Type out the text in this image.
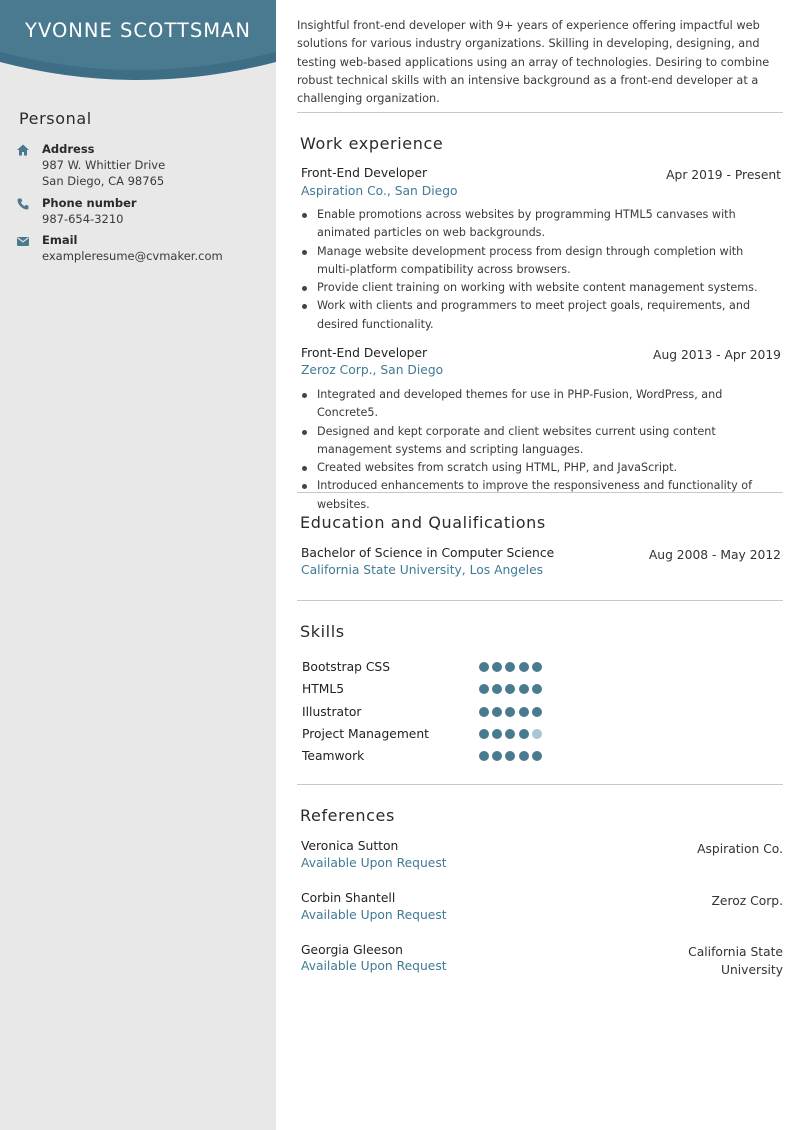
YVONNE SCOTTSMAN
Personal
Address
987 W. Whittier Drive
San Diego, CA 98765
Phone number
987-654-3210
Email
exampleresume@cvmaker.com
Insightful front-end developer with 9+ years of experience offering impactful web solutions for various industry organizations. Skilling in developing, designing, and testing web-based applications using an array of technologies. Desiring to combine robust technical skills with an intensive background as a front-end developer at a challenging organization.
Work experience
Front-End Developer	Apr 2019 - Present
Aspiration Co., San Diego
Enable promotions across websites by programming HTML5 canvases with animated particles on web backgrounds.
Manage website development process from design through completion with multi-platform compatibility across browsers.
Provide client training on working with website content management systems.
Work with clients and programmers to meet project goals, requirements, and desired functionality.
Front-End Developer	Aug 2013 - Apr 2019
Zeroz Corp., San Diego
Integrated and developed themes for use in PHP-Fusion, WordPress, and Concrete5.
Designed and kept corporate and client websites current using content management systems and scripting languages.
Created websites from scratch using HTML, PHP, and JavaScript.
Introduced enhancements to improve the responsiveness and functionality of websites.
Education and Qualifications
Bachelor of Science in Computer Science	Aug 2008 - May 2012
California State University, Los Angeles
Skills
Bootstrap CSS
HTML5
Illustrator
Project Management
Teamwork
References
Veronica Sutton
Available Upon Request
Aspiration Co.
Corbin Shantell
Available Upon Request
Zeroz Corp.
Georgia Gleeson
Available Upon Request
California State
University
